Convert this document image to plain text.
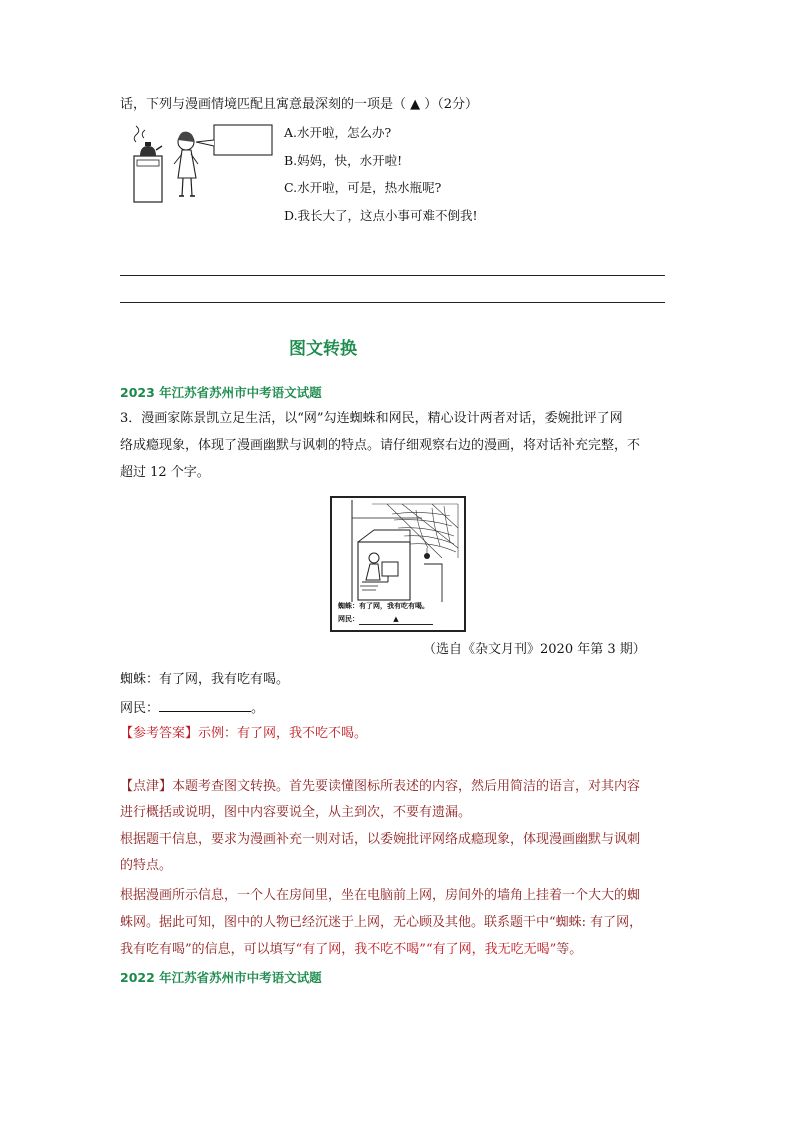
话，下列与漫画情境匹配且寓意最深刻的一项是（ ▲ ）（2分）
A.水开啦，怎么办?
B.妈妈，快，水开啦!
C.水开啦，可是，热水瓶呢?
D.我长大了，这点小事可难不倒我!
图文转换
2023 年江苏省苏州市中考语文试题
3．漫画家陈景凯立足生活，以“网”勾连蜘蛛和网民，精心设计两者对话，委婉批评了网
络成瘾现象，体现了漫画幽默与讽刺的特点。请仔细观察右边的漫画，将对话补充完整，不
超过 12 个字。
蜘蛛：有了网，我有吃有喝。
网民：	▲
（选自《杂文月刊》2020 年第 3 期）
蜘蛛：有了网，我有吃有喝。
网民：	。
【参考答案】示例：有了网，我不吃不喝。
【点津】本题考查图文转换。首先要读懂图标所表述的内容，然后用简洁的语言，对其内容
进行概括或说明，图中内容要说全，从主到次，不要有遗漏。
根据题干信息，要求为漫画补充一则对话，以委婉批评网络成瘾现象，体现漫画幽默与讽刺
的特点。
根据漫画所示信息，一个人在房间里，坐在电脑前上网，房间外的墙角上挂着一个大大的蜘
蛛网。据此可知，图中的人物已经沉迷于上网，无心顾及其他。联系题干中“蜘蛛: 有了网，
我有吃有喝”的信息，可以填写“有了网，我不吃不喝”“有了网，我无吃无喝”等。
2022 年江苏省苏州市中考语文试题
